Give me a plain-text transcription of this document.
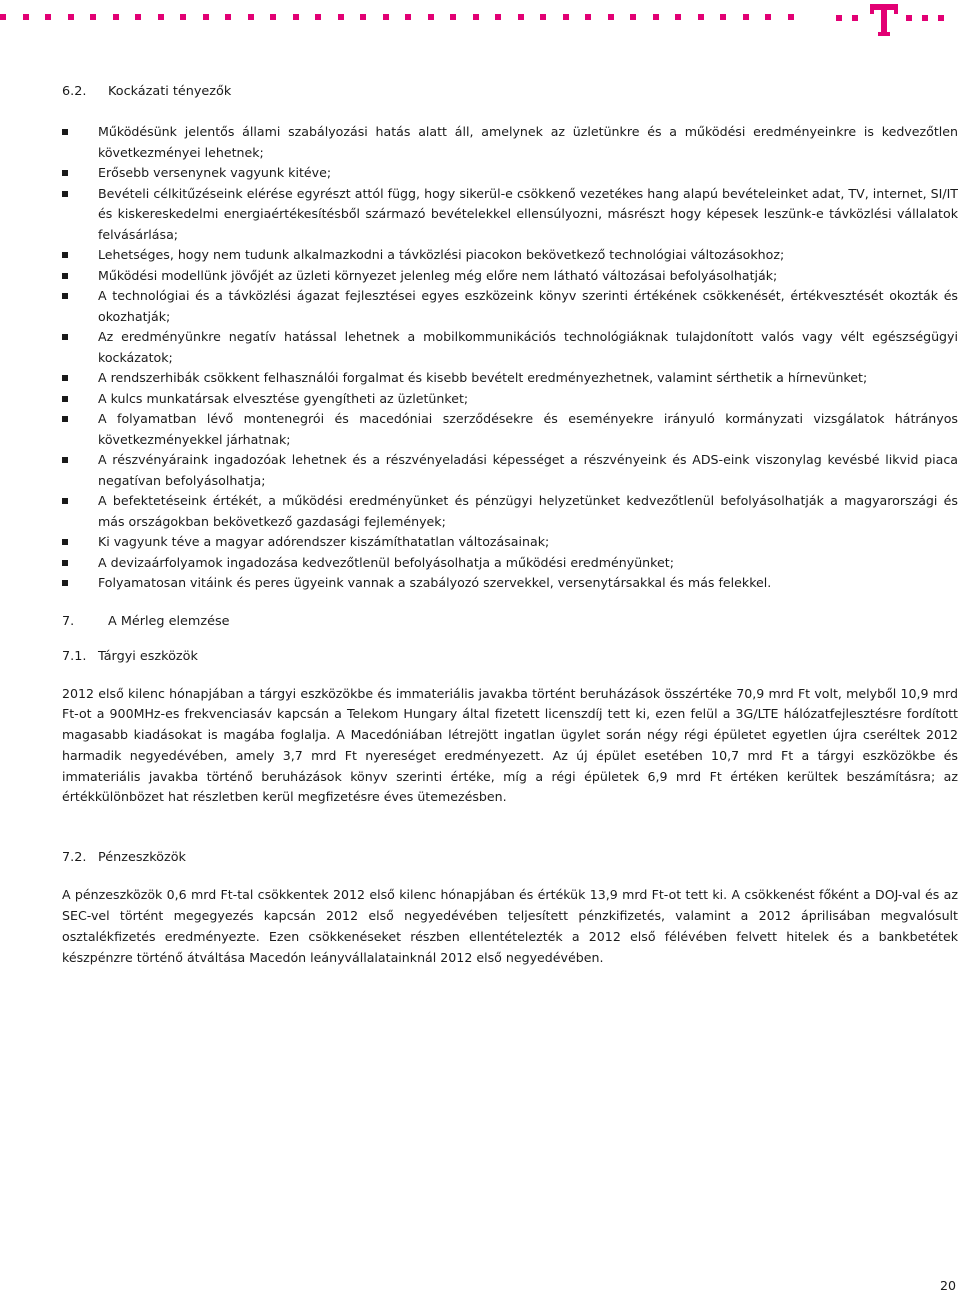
6.2.	Kockázati tényezők
Működésünk jelentős állami szabályozási hatás alatt áll, amelynek az üzletünkre és a működési eredményeinkre is kedvezőtlen következményei lehetnek;
Erősebb versenynek vagyunk kitéve;
Bevételi célkitűzéseink elérése egyrészt attól függ, hogy sikerül-e csökkenő vezetékes hang alapú bevételeinket adat, TV, internet, SI/IT és kiskereskedelmi energiaértékesítésből származó bevételekkel ellensúlyozni, másrészt hogy képesek leszünk-e távközlési vállalatok felvásárlása;
Lehetséges, hogy nem tudunk alkalmazkodni a távközlési piacokon bekövetkező technológiai változásokhoz;
Működési modellünk jövőjét az üzleti környezet jelenleg még előre nem látható változásai befolyásolhatják;
A technológiai és a távközlési ágazat fejlesztései egyes eszközeink könyv szerinti értékének csökkenését, értékvesztését okozták és okozhatják;
Az eredményünkre negatív hatással lehetnek a mobilkommunikációs technológiáknak tulajdonított valós vagy vélt egészségügyi kockázatok;
A rendszerhibák csökkent felhasználói forgalmat és kisebb bevételt eredményezhetnek, valamint sérthetik a hírnevünket;
A kulcs munkatársak elvesztése gyengítheti az üzletünket;
A folyamatban lévő montenegrói és macedóniai szerződésekre és eseményekre irányuló kormányzati vizsgálatok hátrányos következményekkel járhatnak;
A részvényáraink ingadozóak lehetnek és a részvényeladási képességet a részvényeink és ADS-eink viszonylag kevésbé likvid piaca negatívan befolyásolhatja;
A befektetéseink értékét, a működési eredményünket és pénzügyi helyzetünket kedvezőtlenül befolyásolhatják a magyarországi és más országokban bekövetkező gazdasági fejlemények;
Ki vagyunk téve a magyar adórendszer kiszámíthatatlan változásainak;
A devizaárfolyamok ingadozása kedvezőtlenül befolyásolhatja a működési eredményünket;
Folyamatosan vitáink és peres ügyeink vannak a szabályozó szervekkel, versenytársakkal és más felekkel.
7.	A Mérleg elemzése
7.1. Tárgyi eszközök

2012 első kilenc hónapjában a tárgyi eszközökbe és immateriális javakba történt beruházások összértéke 70,9 mrd Ft volt, melyből 10,9 mrd Ft-ot a 900MHz-es frekvenciasáv kapcsán a Telekom Hungary által fizetett licenszdíj tett ki, ezen felül a 3G/LTE hálózatfejlesztésre fordított magasabb kiadásokat is magába foglalja. A Macedóniában létrejött ingatlan ügylet során négy régi épületet egyetlen újra cseréltek 2012 harmadik negyedévében, amely 3,7 mrd Ft nyereséget eredményezett. Az új épület esetében 10,7 mrd Ft a tárgyi eszközökbe és immateriális javakba történő beruházások könyv szerinti értéke, míg a régi épületek 6,9 mrd Ft értéken kerültek beszámításra; az értékkülönbözet hat részletben kerül megfizetésre éves ütemezésben.

7.2. Pénzeszközök

A pénzeszközök 0,6 mrd Ft-tal csökkentek 2012 első kilenc hónapjában és értékük 13,9 mrd Ft-ot tett ki. A csökkenést főként a DOJ-val és az SEC-vel történt megegyezés kapcsán 2012 első negyedévében teljesített pénzkifizetés, valamint a 2012 áprilisában megvalósult osztalékfizetés eredményezte. Ezen csökkenéseket részben ellentételezték a 2012 első félévében felvett hitelek és a bankbetétek készpénzre történő átváltása Macedón leányvállalatainknál 2012 első negyedévében.

20
